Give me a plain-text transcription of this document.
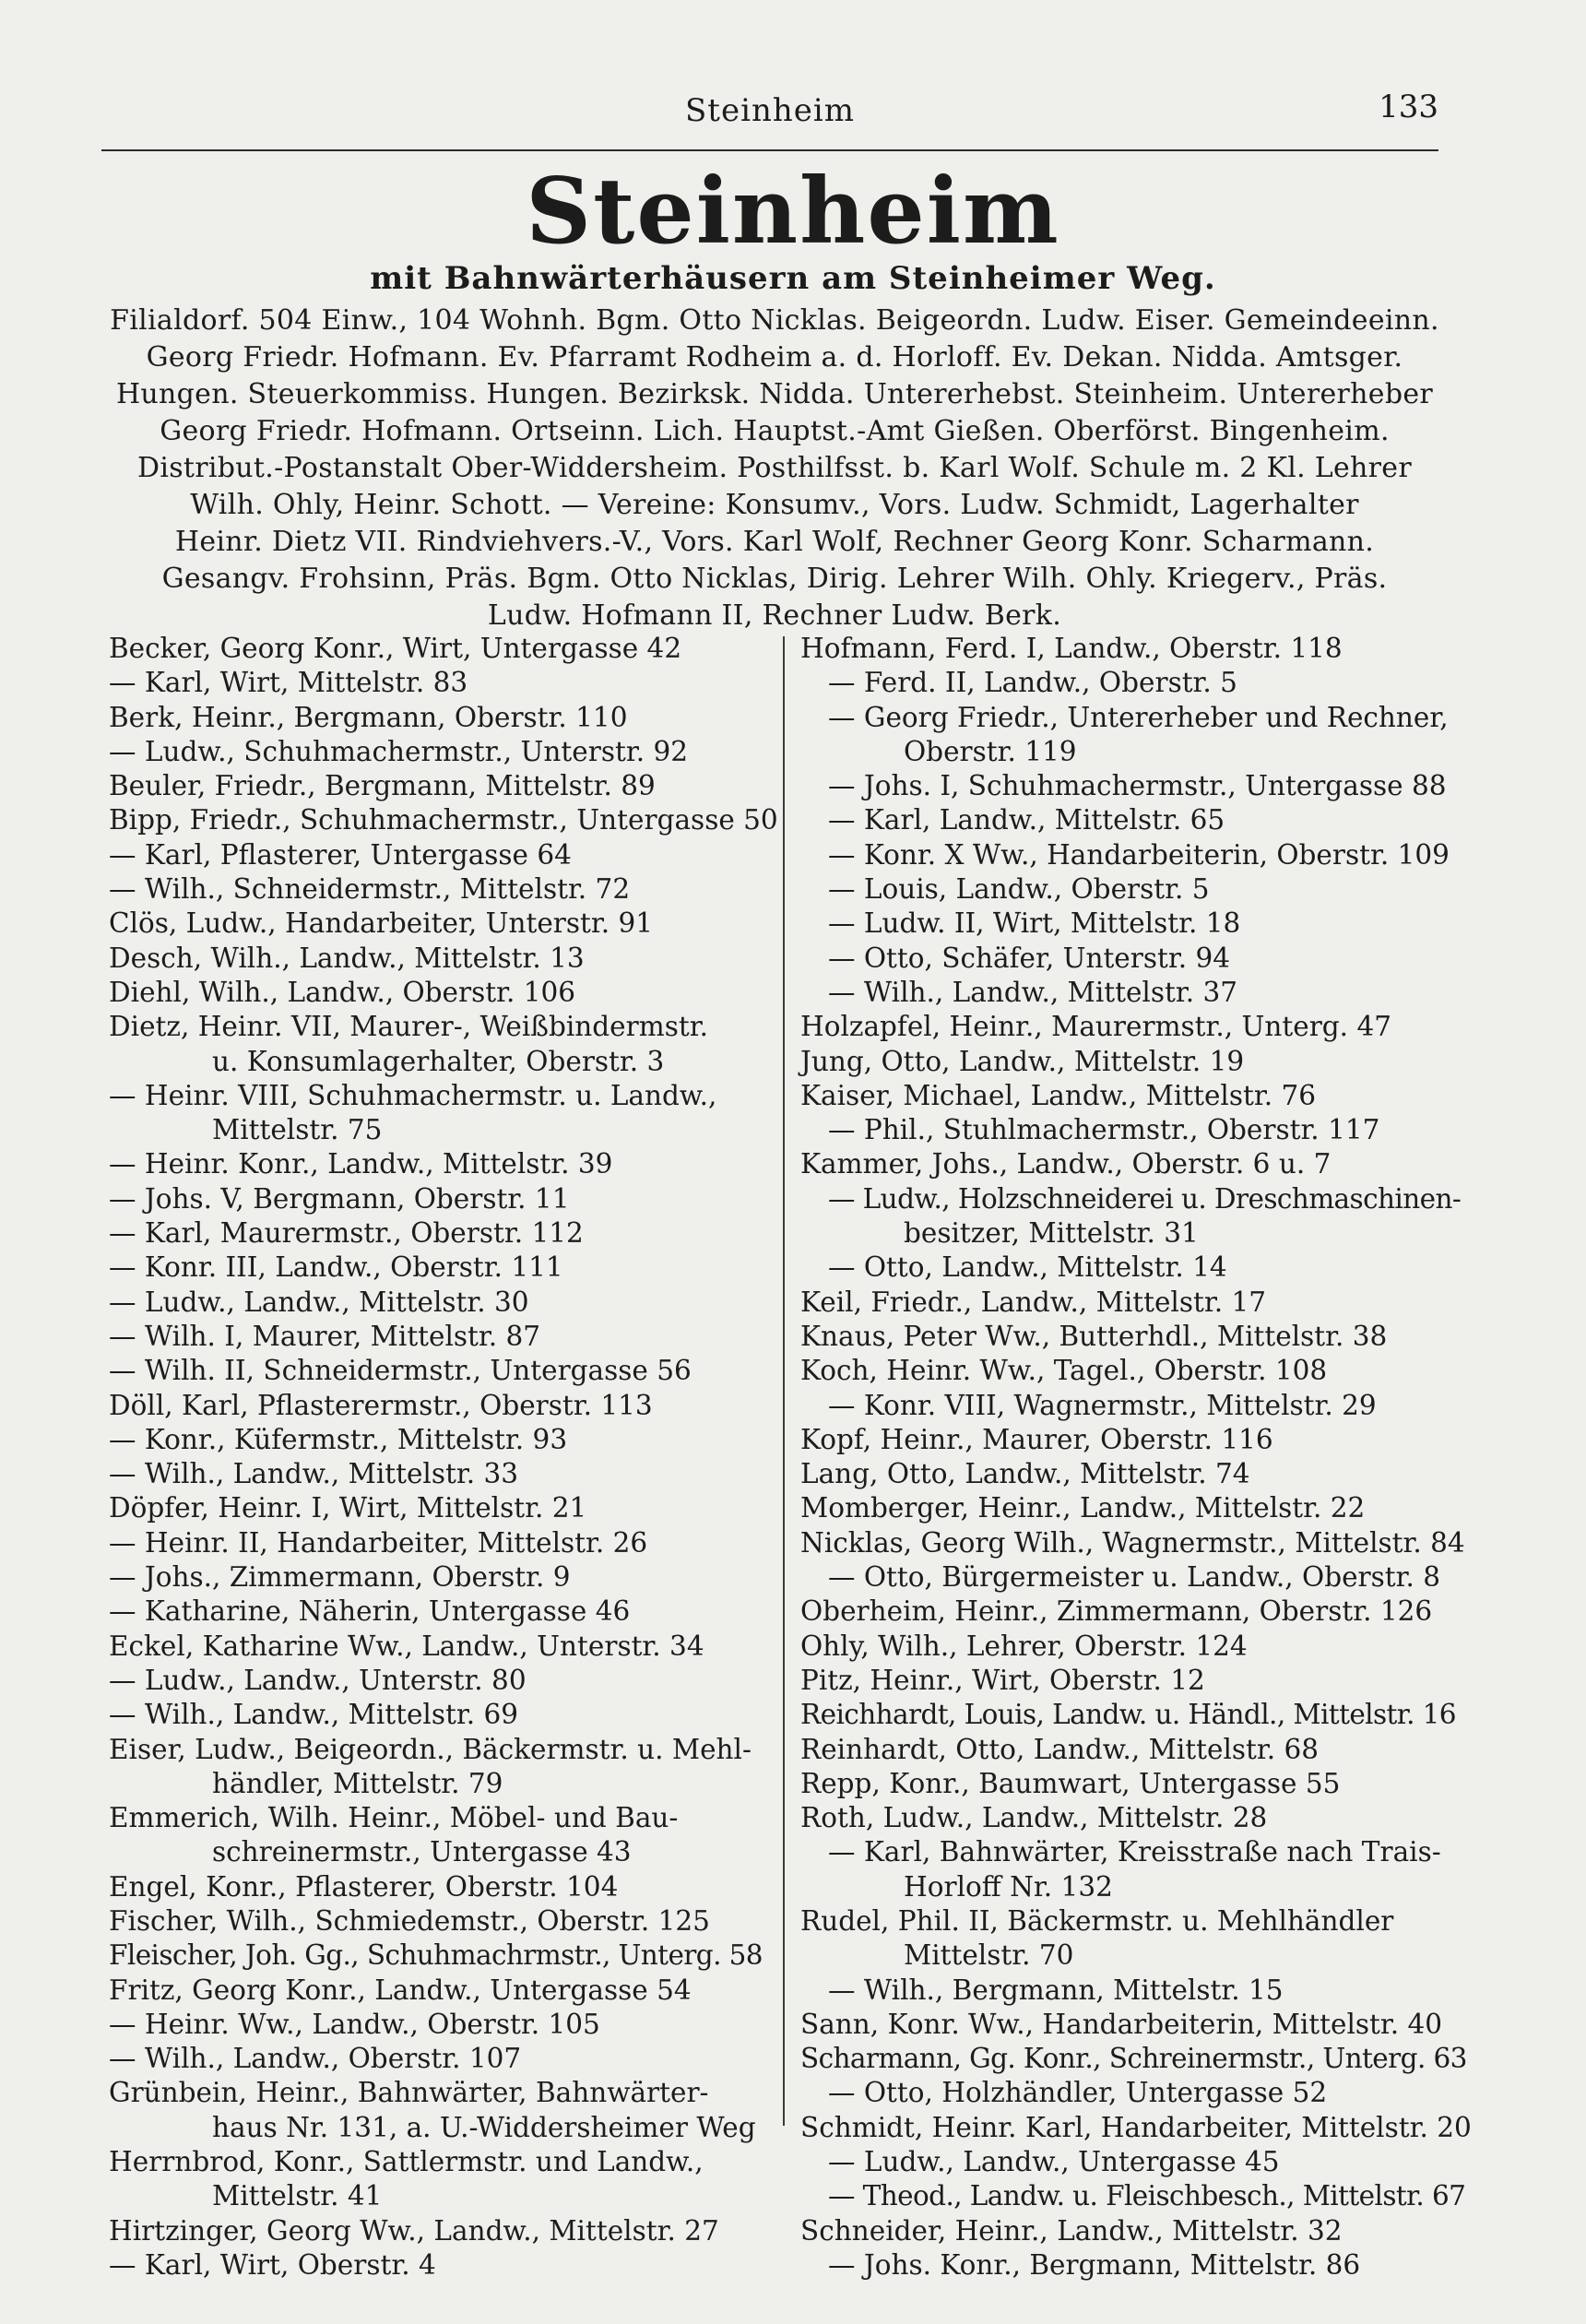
Steinheim	133
Steinheim
mit Bahnwärterhäusern am Steinheimer Weg.
Filialdorf. 504 Einw., 104 Wohnh. Bgm. Otto Nicklas. Beigeordn. Ludw. Eiser. Gemeindeeinn.
Georg Friedr. Hofmann. Ev. Pfarramt Rodheim a. d. Horloff. Ev. Dekan. Nidda. Amtsger.
Hungen. Steuerkommiss. Hungen. Bezirksk. Nidda. Untererhebst. Steinheim. Untererheber
Georg Friedr. Hofmann. Ortseinn. Lich. Hauptst.-Amt Gießen. Oberförst. Bingenheim.
Distribut.-Postanstalt Ober-Widdersheim. Posthilfsst. b. Karl Wolf. Schule m. 2 Kl. Lehrer
Wilh. Ohly, Heinr. Schott. — Vereine: Konsumv., Vors. Ludw. Schmidt, Lagerhalter
Heinr. Dietz VII. Rindviehvers.-V., Vors. Karl Wolf, Rechner Georg Konr. Scharmann.
Gesangv. Frohsinn, Präs. Bgm. Otto Nicklas, Dirig. Lehrer Wilh. Ohly. Kriegerv., Präs.
Ludw. Hofmann II, Rechner Ludw. Berk.
Becker, Georg Konr., Wirt, Untergasse 42
— Karl, Wirt, Mittelstr. 83
Berk, Heinr., Bergmann, Oberstr. 110
— Ludw., Schuhmachermstr., Unterstr. 92
Beuler, Friedr., Bergmann, Mittelstr. 89
Bipp, Friedr., Schuhmachermstr., Untergasse 50
— Karl, Pflasterer, Untergasse 64
— Wilh., Schneidermstr., Mittelstr. 72
Clös, Ludw., Handarbeiter, Unterstr. 91
Desch, Wilh., Landw., Mittelstr. 13
Diehl, Wilh., Landw., Oberstr. 106
Dietz, Heinr. VII, Maurer-, Weißbindermstr.
u. Konsumlagerhalter, Oberstr. 3
— Heinr. VIII, Schuhmachermstr. u. Landw.,
Mittelstr. 75
— Heinr. Konr., Landw., Mittelstr. 39
— Johs. V, Bergmann, Oberstr. 11
— Karl, Maurermstr., Oberstr. 112
— Konr. III, Landw., Oberstr. 111
— Ludw., Landw., Mittelstr. 30
— Wilh. I, Maurer, Mittelstr. 87
— Wilh. II, Schneidermstr., Untergasse 56
Döll, Karl, Pflasterermstr., Oberstr. 113
— Konr., Küfermstr., Mittelstr. 93
— Wilh., Landw., Mittelstr. 33
Döpfer, Heinr. I, Wirt, Mittelstr. 21
— Heinr. II, Handarbeiter, Mittelstr. 26
— Johs., Zimmermann, Oberstr. 9
— Katharine, Näherin, Untergasse 46
Eckel, Katharine Ww., Landw., Unterstr. 34
— Ludw., Landw., Unterstr. 80
— Wilh., Landw., Mittelstr. 69
Eiser, Ludw., Beigeordn., Bäckermstr. u. Mehl-
händler, Mittelstr. 79
Emmerich, Wilh. Heinr., Möbel- und Bau-
schreinermstr., Untergasse 43
Engel, Konr., Pflasterer, Oberstr. 104
Fischer, Wilh., Schmiedemstr., Oberstr. 125
Fleischer, Joh. Gg., Schuhmachrmstr., Unterg. 58
Fritz, Georg Konr., Landw., Untergasse 54
— Heinr. Ww., Landw., Oberstr. 105
— Wilh., Landw., Oberstr. 107
Grünbein, Heinr., Bahnwärter, Bahnwärter-
haus Nr. 131, a. U.-Widdersheimer Weg
Herrnbrod, Konr., Sattlermstr. und Landw.,
Mittelstr. 41
Hirtzinger, Georg Ww., Landw., Mittelstr. 27
— Karl, Wirt, Oberstr. 4
Hofmann, Ferd. I, Landw., Oberstr. 118
— Ferd. II, Landw., Oberstr. 5
— Georg Friedr., Untererheber und Rechner,
Oberstr. 119
— Johs. I, Schuhmachermstr., Untergasse 88
— Karl, Landw., Mittelstr. 65
— Konr. X Ww., Handarbeiterin, Oberstr. 109
— Louis, Landw., Oberstr. 5
— Ludw. II, Wirt, Mittelstr. 18
— Otto, Schäfer, Unterstr. 94
— Wilh., Landw., Mittelstr. 37
Holzapfel, Heinr., Maurermstr., Unterg. 47
Jung, Otto, Landw., Mittelstr. 19
Kaiser, Michael, Landw., Mittelstr. 76
— Phil., Stuhlmachermstr., Oberstr. 117
Kammer, Johs., Landw., Oberstr. 6 u. 7
— Ludw., Holzschneiderei u. Dreschmaschinen-
besitzer, Mittelstr. 31
— Otto, Landw., Mittelstr. 14
Keil, Friedr., Landw., Mittelstr. 17
Knaus, Peter Ww., Butterhdl., Mittelstr. 38
Koch, Heinr. Ww., Tagel., Oberstr. 108
— Konr. VIII, Wagnermstr., Mittelstr. 29
Kopf, Heinr., Maurer, Oberstr. 116
Lang, Otto, Landw., Mittelstr. 74
Momberger, Heinr., Landw., Mittelstr. 22
Nicklas, Georg Wilh., Wagnermstr., Mittelstr. 84
— Otto, Bürgermeister u. Landw., Oberstr. 8
Oberheim, Heinr., Zimmermann, Oberstr. 126
Ohly, Wilh., Lehrer, Oberstr. 124
Pitz, Heinr., Wirt, Oberstr. 12
Reichhardt, Louis, Landw. u. Händl., Mittelstr. 16
Reinhardt, Otto, Landw., Mittelstr. 68
Repp, Konr., Baumwart, Untergasse 55
Roth, Ludw., Landw., Mittelstr. 28
— Karl, Bahnwärter, Kreisstraße nach Trais-
Horloff Nr. 132
Rudel, Phil. II, Bäckermstr. u. Mehlhändler
Mittelstr. 70
— Wilh., Bergmann, Mittelstr. 15
Sann, Konr. Ww., Handarbeiterin, Mittelstr. 40
Scharmann, Gg. Konr., Schreinermstr., Unterg. 63
— Otto, Holzhändler, Untergasse 52
Schmidt, Heinr. Karl, Handarbeiter, Mittelstr. 20
— Ludw., Landw., Untergasse 45
— Theod., Landw. u. Fleischbesch., Mittelstr. 67
Schneider, Heinr., Landw., Mittelstr. 32
— Johs. Konr., Bergmann, Mittelstr. 86
